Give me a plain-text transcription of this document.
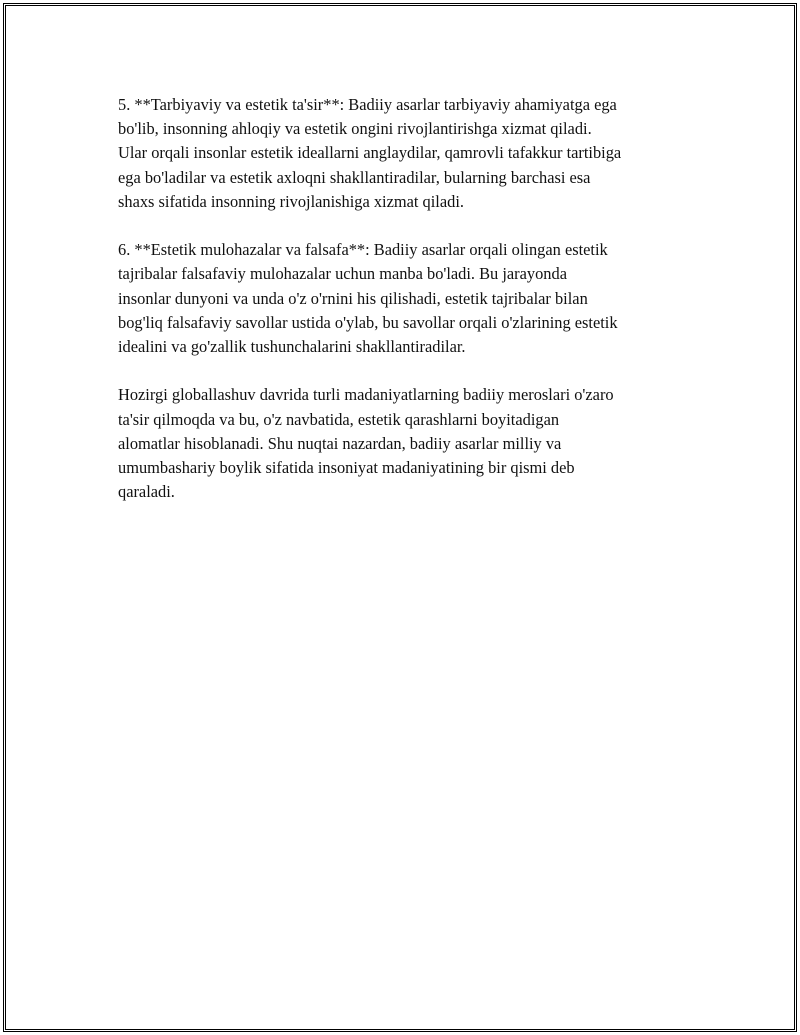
5. **Tarbiyaviy va estetik ta'sir**: Badiiy asarlar tarbiyaviy ahamiyatga ega
bo'lib, insonning ahloqiy va estetik ongini rivojlantirishga xizmat qiladi.
Ular orqali insonlar estetik ideallarni anglaydilar, qamrovli tafakkur tartibiga
ega bo'ladilar va estetik axloqni shakllantiradilar, bularning barchasi esa
shaxs sifatida insonning rivojlanishiga xizmat qiladi.

6. **Estetik mulohazalar va falsafa**: Badiiy asarlar orqali olingan estetik
tajribalar falsafaviy mulohazalar uchun manba bo'ladi. Bu jarayonda
insonlar dunyoni va unda o'z o'rnini his qilishadi, estetik tajribalar bilan
bog'liq falsafaviy savollar ustida o'ylab, bu savollar orqali o'zlarining estetik
idealini va go'zallik tushunchalarini shakllantiradilar.

Hozirgi globallashuv davrida turli madaniyatlarning badiiy meroslari o'zaro
ta'sir qilmoqda va bu, o'z navbatida, estetik qarashlarni boyitadigan
alomatlar hisoblanadi. Shu nuqtai nazardan, badiiy asarlar milliy va
umumbashariy boylik sifatida insoniyat madaniyatining bir qismi deb
qaraladi.
